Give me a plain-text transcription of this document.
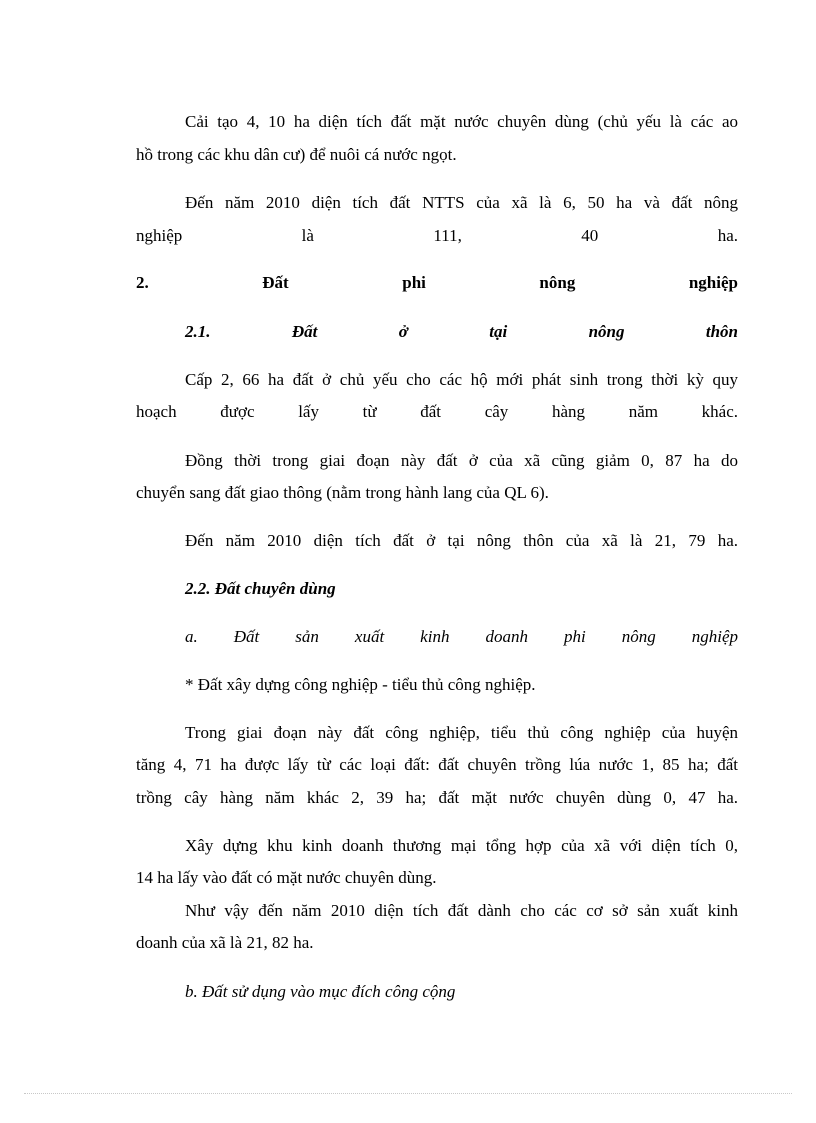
Cải tạo 4, 10 ha diện tích đất mặt nước chuyên dùng (chủ yếu là các ao

hồ trong các khu dân cư) để nuôi cá nước ngọt.

Đến năm 2010 diện tích đất NTTS của xã là 6, 50 ha và đất nông

nghiệp là 111, 40 ha.

2. Đất phi nông nghiệp

2.1. Đất ở tại nông thôn

Cấp 2, 66 ha đất ở chủ yếu cho các hộ mới phát sinh trong thời kỳ quy

hoạch được lấy từ đất cây hàng năm khác.

Đồng thời trong giai đoạn này đất ở của xã cũng giảm 0, 87 ha do

chuyển sang đất giao thông (nằm trong hành lang của QL 6).

Đến năm 2010 diện tích đất ở tại nông thôn của xã là 21, 79 ha.

2.2. Đất chuyên dùng

a. Đất sản xuất kinh doanh phi nông nghiệp

* Đất xây dựng công nghiệp - tiểu thủ công nghiệp.

Trong giai đoạn này đất công nghiệp, tiểu thủ công nghiệp của huyện

tăng 4, 71 ha được lấy từ các loại đất: đất chuyên trồng lúa nước 1, 85 ha; đất

trồng cây hàng năm khác 2, 39 ha; đất mặt nước chuyên dùng 0, 47 ha.

Xây dựng khu kinh doanh thương mại tổng hợp của xã với diện tích 0,

14 ha lấy vào đất có mặt nước chuyên dùng.

Như vậy đến năm 2010 diện tích đất dành cho các cơ sở sản xuất kinh

doanh của xã là 21, 82 ha.

b. Đất sử dụng vào mục đích công cộng
